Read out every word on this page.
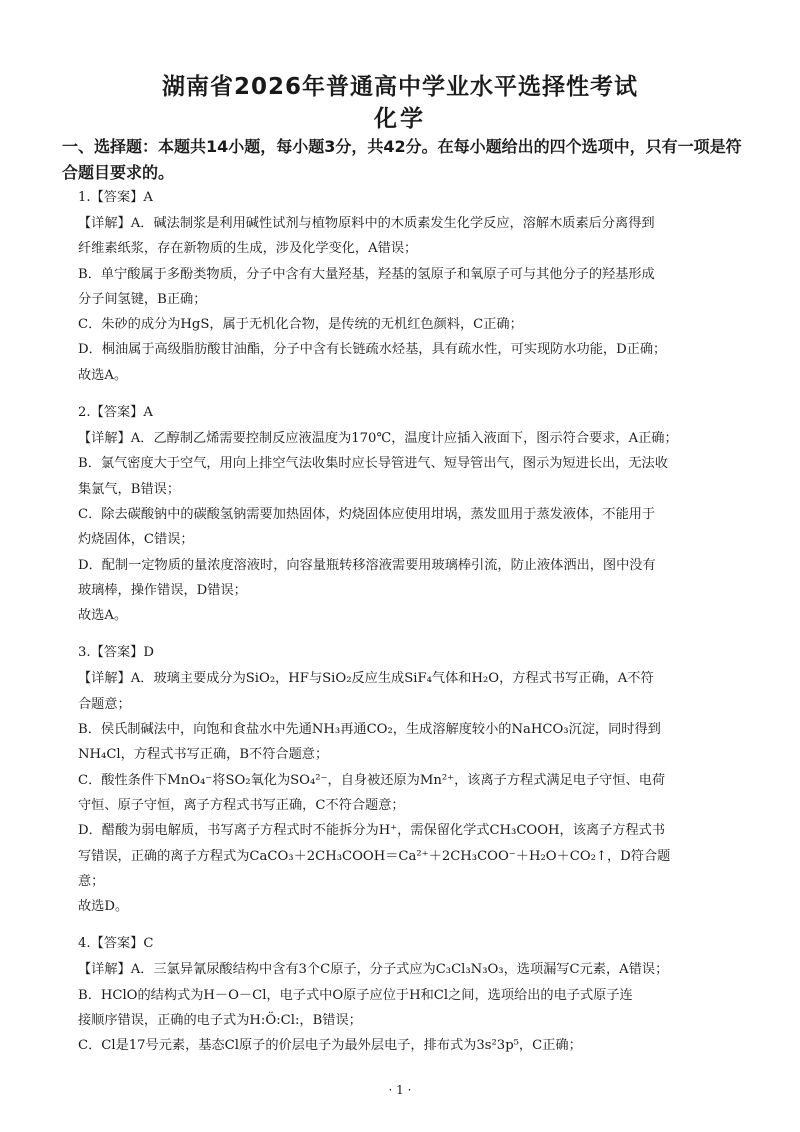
湖南省2026年普通高中学业水平选择性考试
化学
一、选择题：本题共14小题，每小题3分，共42分。在每小题给出的四个选项中，只有一项是符
合题目要求的。
1.【答案】A
【详解】A．碱法制浆是利用碱性试剂与植物原料中的木质素发生化学反应，溶解木质素后分离得到
纤维素纸浆，存在新物质的生成，涉及化学变化，A错误；
B．单宁酸属于多酚类物质，分子中含有大量羟基，羟基的氢原子和氧原子可与其他分子的羟基形成
分子间氢键，B正确；
C．朱砂的成分为HgS，属于无机化合物，是传统的无机红色颜料，C正确；
D．桐油属于高级脂肪酸甘油酯，分子中含有长链疏水烃基，具有疏水性，可实现防水功能，D正确；
故选A。
2.【答案】A
【详解】A．乙醇制乙烯需要控制反应液温度为170℃，温度计应插入液面下，图示符合要求，A正确；
B．氯气密度大于空气，用向上排空气法收集时应长导管进气、短导管出气，图示为短进长出，无法收
集氯气，B错误；
C．除去碳酸钠中的碳酸氢钠需要加热固体，灼烧固体应使用坩埚，蒸发皿用于蒸发液体，不能用于
灼烧固体，C错误；
D．配制一定物质的量浓度溶液时，向容量瓶转移溶液需要用玻璃棒引流，防止液体洒出，图中没有
玻璃棒，操作错误，D错误；
故选A。
3.【答案】D
【详解】A．玻璃主要成分为SiO₂，HF与SiO₂反应生成SiF₄气体和H₂O，方程式书写正确，A不符
合题意；
B．侯氏制碱法中，向饱和食盐水中先通NH₃再通CO₂，生成溶解度较小的NaHCO₃沉淀，同时得到
NH₄Cl，方程式书写正确，B不符合题意；
C．酸性条件下MnO₄⁻将SO₂氧化为SO₄²⁻，自身被还原为Mn²⁺，该离子方程式满足电子守恒、电荷
守恒、原子守恒，离子方程式书写正确，C不符合题意；
D．醋酸为弱电解质，书写离子方程式时不能拆分为H⁺，需保留化学式CH₃COOH，该离子方程式书
写错误，正确的离子方程式为CaCO₃＋2CH₃COOH＝Ca²⁺＋2CH₃COO⁻＋H₂O＋CO₂↑，D符合题
意；
故选D。
4.【答案】C
【详解】A．三氯异氰尿酸结构中含有3个C原子，分子式应为C₃Cl₃N₃O₃，选项漏写C元素，A错误；
B．HClO的结构式为H－O－Cl，电子式中O原子应位于H和Cl之间，选项给出的电子式原子连
接顺序错误，正确的电子式为H:Ö:Cl:，B错误；
C．Cl是17号元素，基态Cl原子的价层电子为最外层电子，排布式为3s²3p⁵，C正确；
· 1 ·
